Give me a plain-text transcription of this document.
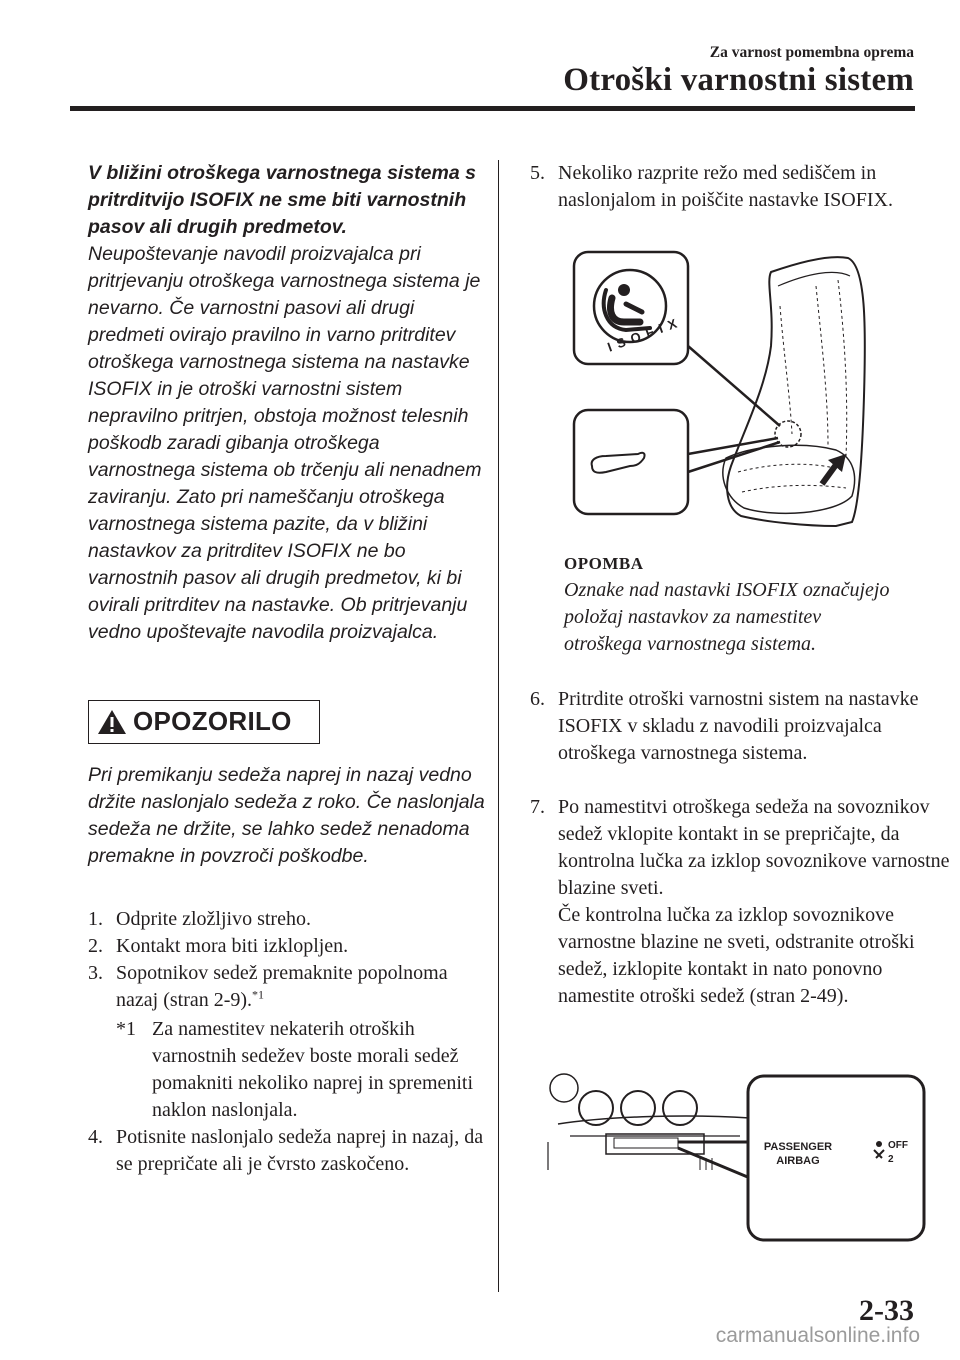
Za varnost pomembna oprema
Otroški varnostni sistem

V bližini otroškega varnostnega sistema s pritrditvijo ISOFIX ne sme biti varnostnih pasov ali drugih predmetov.

Neupoštevanje navodil proizvajalca pri pritrjevanju otroškega varnostnega sistema je nevarno. Če varnostni pasovi ali drugi predmeti ovirajo pravilno in varno pritrditev otroškega varnostnega sistema na nastavke ISOFIX in je otroški varnostni sistem nepravilno pritrjen, obstoja možnost telesnih poškodb zaradi gibanja otroškega varnostnega sistema ob trčenju ali nenadnem zaviranju. Zato pri nameščanju otroškega varnostnega sistema pazite, da v bližini nastavkov za pritrditev ISOFIX ne bo varnostnih pasov ali drugih predmetov, ki bi ovirali pritrditev na nastavke. Ob pritrjevanju vedno upoštevajte navodila proizvajalca.

OPOZORILO

Pri premikanju sedeža naprej in nazaj vedno držite naslonjalo sedeža z roko. Če naslonjala sedeža ne držite, se lahko sedež nenadoma premakne in povzroči poškodbe.

1. Odprite zložljivo streho.

2. Kontakt mora biti izklopljen.

3. Sopotnikov sedež premaknite popolnoma nazaj (stran 2-9).$^{*1}$

*1 Za namestitev nekaterih otroških varnostnih sedežev boste morali sedež pomakniti nekoliko naprej in spremeniti naklon naslonjala.

4. Potisnite naslonjalo sedeža naprej in nazaj, da se prepričate ali je čvrsto zaskočeno.

5. Nekoliko razprite režo med sediščem in naslonjalom in poiščite nastavke ISOFIX.

ISOFIX
OPOMBA
Oznake nad nastavki ISOFIX označujejo položaj nastavkov za namestitev otroškega varnostnega sistema.

6. Pritrdite otroški varnostni sistem na nastavke ISOFIX v skladu z navodili proizvajalca otroškega varnostnega sistema.

7. Po namestitvi otroškega sedeža na sovoznikov sedež vklopite kontakt in se prepričajte, da kontrolna lučka za izklop sovoznikove varnostne blazine sveti.
Če kontrolna lučka za izklop sovoznikove varnostne blazine ne sveti, odstranite otroški sedež, izklopite kontakt in nato ponovno namestite otroški sedež (stran 2-49).
PASSENGER
AIRBAG
OFF
2
2-33
carmanualsonline.info
